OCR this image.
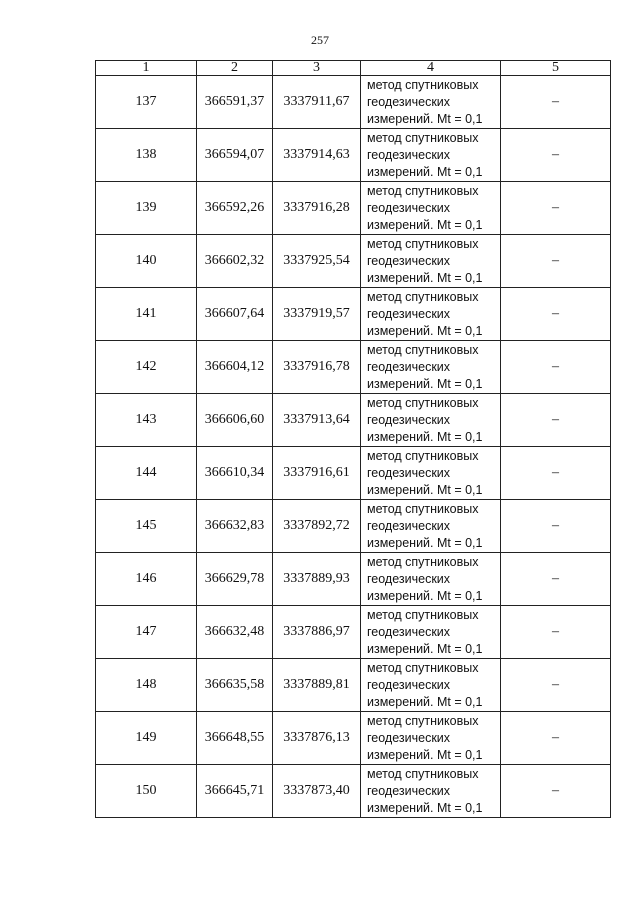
257
1	2	3	4	5
137	366591,37	3337911,67	метод спутниковых
геодезических
измерений. Mt = 0,1	–
138	366594,07	3337914,63	метод спутниковых
геодезических
измерений. Mt = 0,1	–
139	366592,26	3337916,28	метод спутниковых
геодезических
измерений. Mt = 0,1	–
140	366602,32	3337925,54	метод спутниковых
геодезических
измерений. Mt = 0,1	–
141	366607,64	3337919,57	метод спутниковых
геодезических
измерений. Mt = 0,1	–
142	366604,12	3337916,78	метод спутниковых
геодезических
измерений. Mt = 0,1	–
143	366606,60	3337913,64	метод спутниковых
геодезических
измерений. Mt = 0,1	–
144	366610,34	3337916,61	метод спутниковых
геодезических
измерений. Mt = 0,1	–
145	366632,83	3337892,72	метод спутниковых
геодезических
измерений. Mt = 0,1	–
146	366629,78	3337889,93	метод спутниковых
геодезических
измерений. Mt = 0,1	–
147	366632,48	3337886,97	метод спутниковых
геодезических
измерений. Mt = 0,1	–
148	366635,58	3337889,81	метод спутниковых
геодезических
измерений. Mt = 0,1	–
149	366648,55	3337876,13	метод спутниковых
геодезических
измерений. Mt = 0,1	–
150	366645,71	3337873,40	метод спутниковых
геодезических
измерений. Mt = 0,1	–
